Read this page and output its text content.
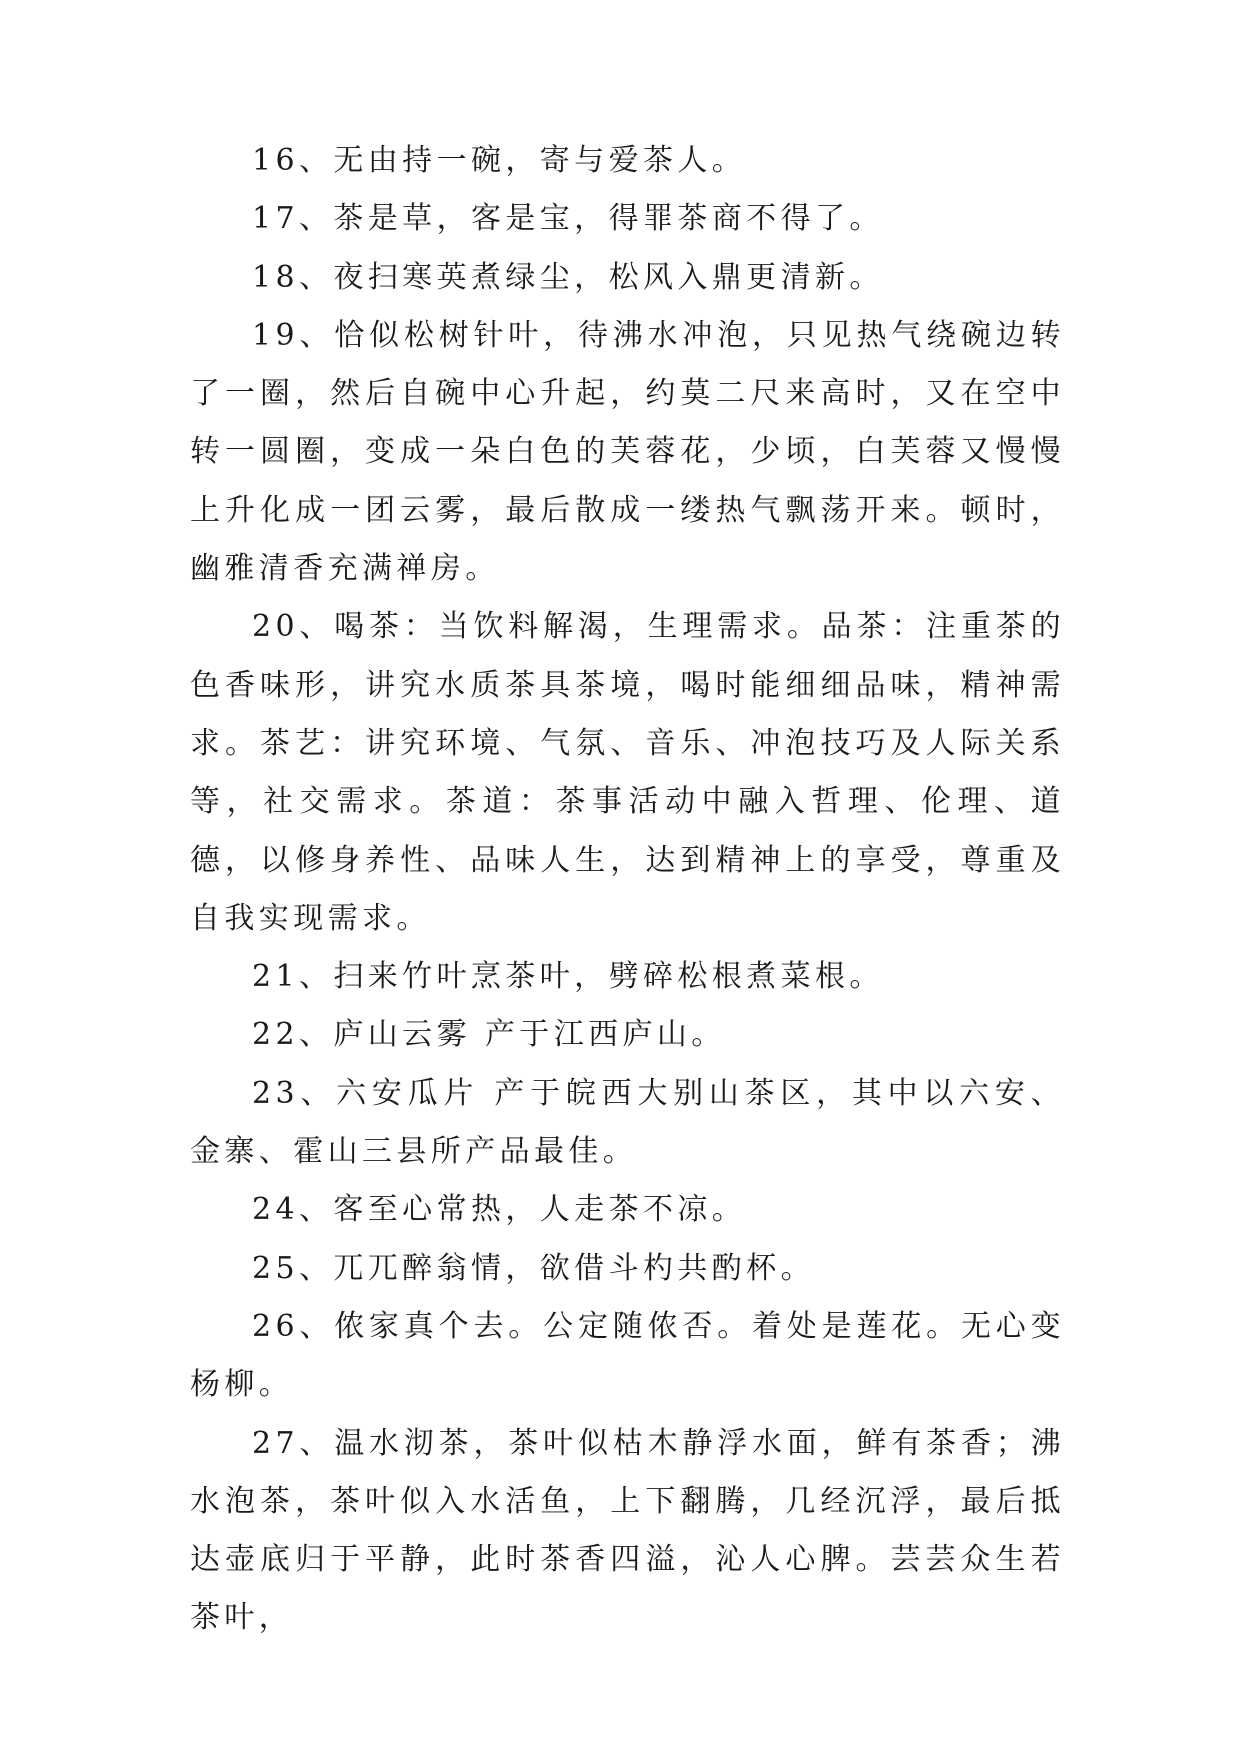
16、无由持一碗，寄与爱茶人。

17、茶是草，客是宝，得罪茶商不得了。

18、夜扫寒英煮绿尘，松风入鼎更清新。

19、恰似松树针叶，待沸水冲泡，只见热气绕碗边转了一圈，然后自碗中心升起，约莫二尺来高时，又在空中转一圆圈，变成一朵白色的芙蓉花，少顷，白芙蓉又慢慢上升化成一团云雾，最后散成一缕热气飘荡开来。顿时，幽雅清香充满禅房。

20、喝茶：当饮料解渴，生理需求。品茶：注重茶的色香味形，讲究水质茶具茶境，喝时能细细品味，精神需求。茶艺：讲究环境、气氛、音乐、冲泡技巧及人际关系等，社交需求。茶道：茶事活动中融入哲理、伦理、道德，以修身养性、品味人生，达到精神上的享受，尊重及自我实现需求。

21、扫来竹叶烹茶叶，劈碎松根煮菜根。

22、庐山云雾 产于江西庐山。

23、六安瓜片 产于皖西大别山茶区，其中以六安、金寨、霍山三县所产品最佳。

24、客至心常热，人走茶不凉。

25、兀兀醉翁情，欲借斗杓共酌杯。

26、侬家真个去。公定随侬否。着处是莲花。无心变杨柳。

27、温水沏茶，茶叶似枯木静浮水面，鲜有茶香；沸水泡茶，茶叶似入水活鱼，上下翻腾，几经沉浮，最后抵达壶底归于平静，此时茶香四溢，沁人心脾。芸芸众生若茶叶，
